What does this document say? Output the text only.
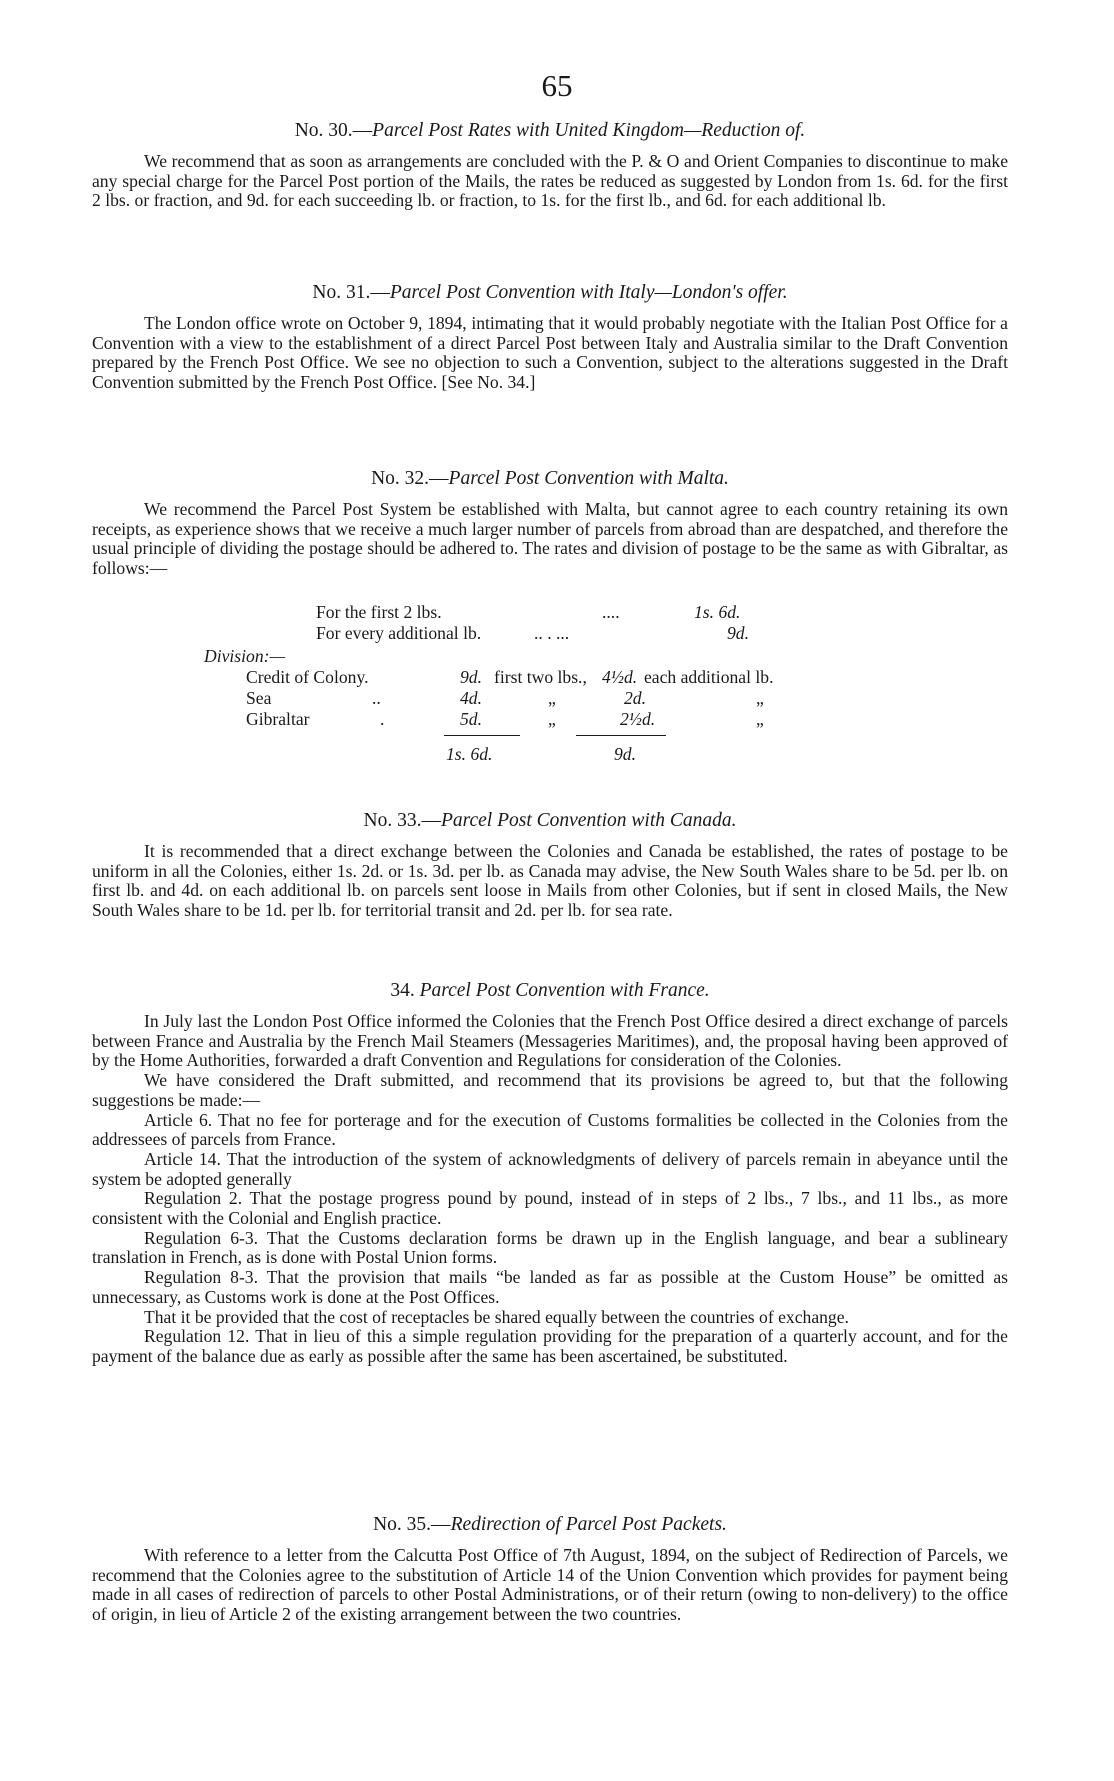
65
No. 30.—Parcel Post Rates with United Kingdom—Reduction of.

We recommend that as soon as arrangements are concluded with the P. & O and Orient Companies to discontinue to make any special charge for the Parcel Post portion of the Mails, the rates be reduced as suggested by London from 1s. 6d. for the first 2 lbs. or fraction, and 9d. for each succeeding lb. or fraction, to 1s. for the first lb., and 6d. for each additional lb.

No. 31.—Parcel Post Convention with Italy—London's offer.

The London office wrote on October 9, 1894, intimating that it would probably negotiate with the Italian Post Office for a Convention with a view to the establishment of a direct Parcel Post between Italy and Australia similar to the Draft Convention prepared by the French Post Office. We see no objection to such a Convention, subject to the alterations suggested in the Draft Convention submitted by the French Post Office. [See No. 34.]

No. 32.—Parcel Post Convention with Malta.

We recommend the Parcel Post System be established with Malta, but cannot agree to each country retaining its own receipts, as experience shows that we receive a much larger number of parcels from abroad than are despatched, and therefore the usual principle of dividing the postage should be adhered to. The rates and division of postage to be the same as with Gibraltar, as follows:—

For the first 2 lbs.	....	1s. 6d.
For every additional lb.	.. . ...	9d.
Division:—
Credit of Colony.	9d. first two lbs., 4½d. each additional lb.
Sea	..	4d.	„	2d.	„
Gibraltar	.	5d.	„	2½d.	„
1s. 6d.	9d.
No. 33.—Parcel Post Convention with Canada.

It is recommended that a direct exchange between the Colonies and Canada be established, the rates of postage to be uniform in all the Colonies, either 1s. 2d. or 1s. 3d. per lb. as Canada may advise, the New South Wales share to be 5d. per lb. on first lb. and 4d. on each additional lb. on parcels sent loose in Mails from other Colonies, but if sent in closed Mails, the New South Wales share to be 1d. per lb. for territorial transit and 2d. per lb. for sea rate.

34. Parcel Post Convention with France.

In July last the London Post Office informed the Colonies that the French Post Office desired a direct exchange of parcels between France and Australia by the French Mail Steamers (Messageries Maritimes), and, the proposal having been approved of by the Home Authorities, forwarded a draft Convention and Regulations for consideration of the Colonies.

We have considered the Draft submitted, and recommend that its provisions be agreed to, but that the following suggestions be made:—

Article 6. That no fee for porterage and for the execution of Customs formalities be collected in the Colonies from the addressees of parcels from France.

Article 14. That the introduction of the system of acknowledgments of delivery of parcels remain in abeyance until the system be adopted generally

Regulation 2. That the postage progress pound by pound, instead of in steps of 2 lbs., 7 lbs., and 11 lbs., as more consistent with the Colonial and English practice.

Regulation 6-3. That the Customs declaration forms be drawn up in the English language, and bear a sublineary translation in French, as is done with Postal Union forms.

Regulation 8-3. That the provision that mails “be landed as far as possible at the Custom House” be omitted as unnecessary, as Customs work is done at the Post Offices.

That it be provided that the cost of receptacles be shared equally between the countries of exchange.

Regulation 12. That in lieu of this a simple regulation providing for the preparation of a quarterly account, and for the payment of the balance due as early as possible after the same has been ascertained, be substituted.

No. 35.—Redirection of Parcel Post Packets.

With reference to a letter from the Calcutta Post Office of 7th August, 1894, on the subject of Redirection of Parcels, we recommend that the Colonies agree to the substitution of Article 14 of the Union Convention which provides for payment being made in all cases of redirection of parcels to other Postal Administrations, or of their return (owing to non-delivery) to the office of origin, in lieu of Article 2 of the existing arrangement between the two countries.
